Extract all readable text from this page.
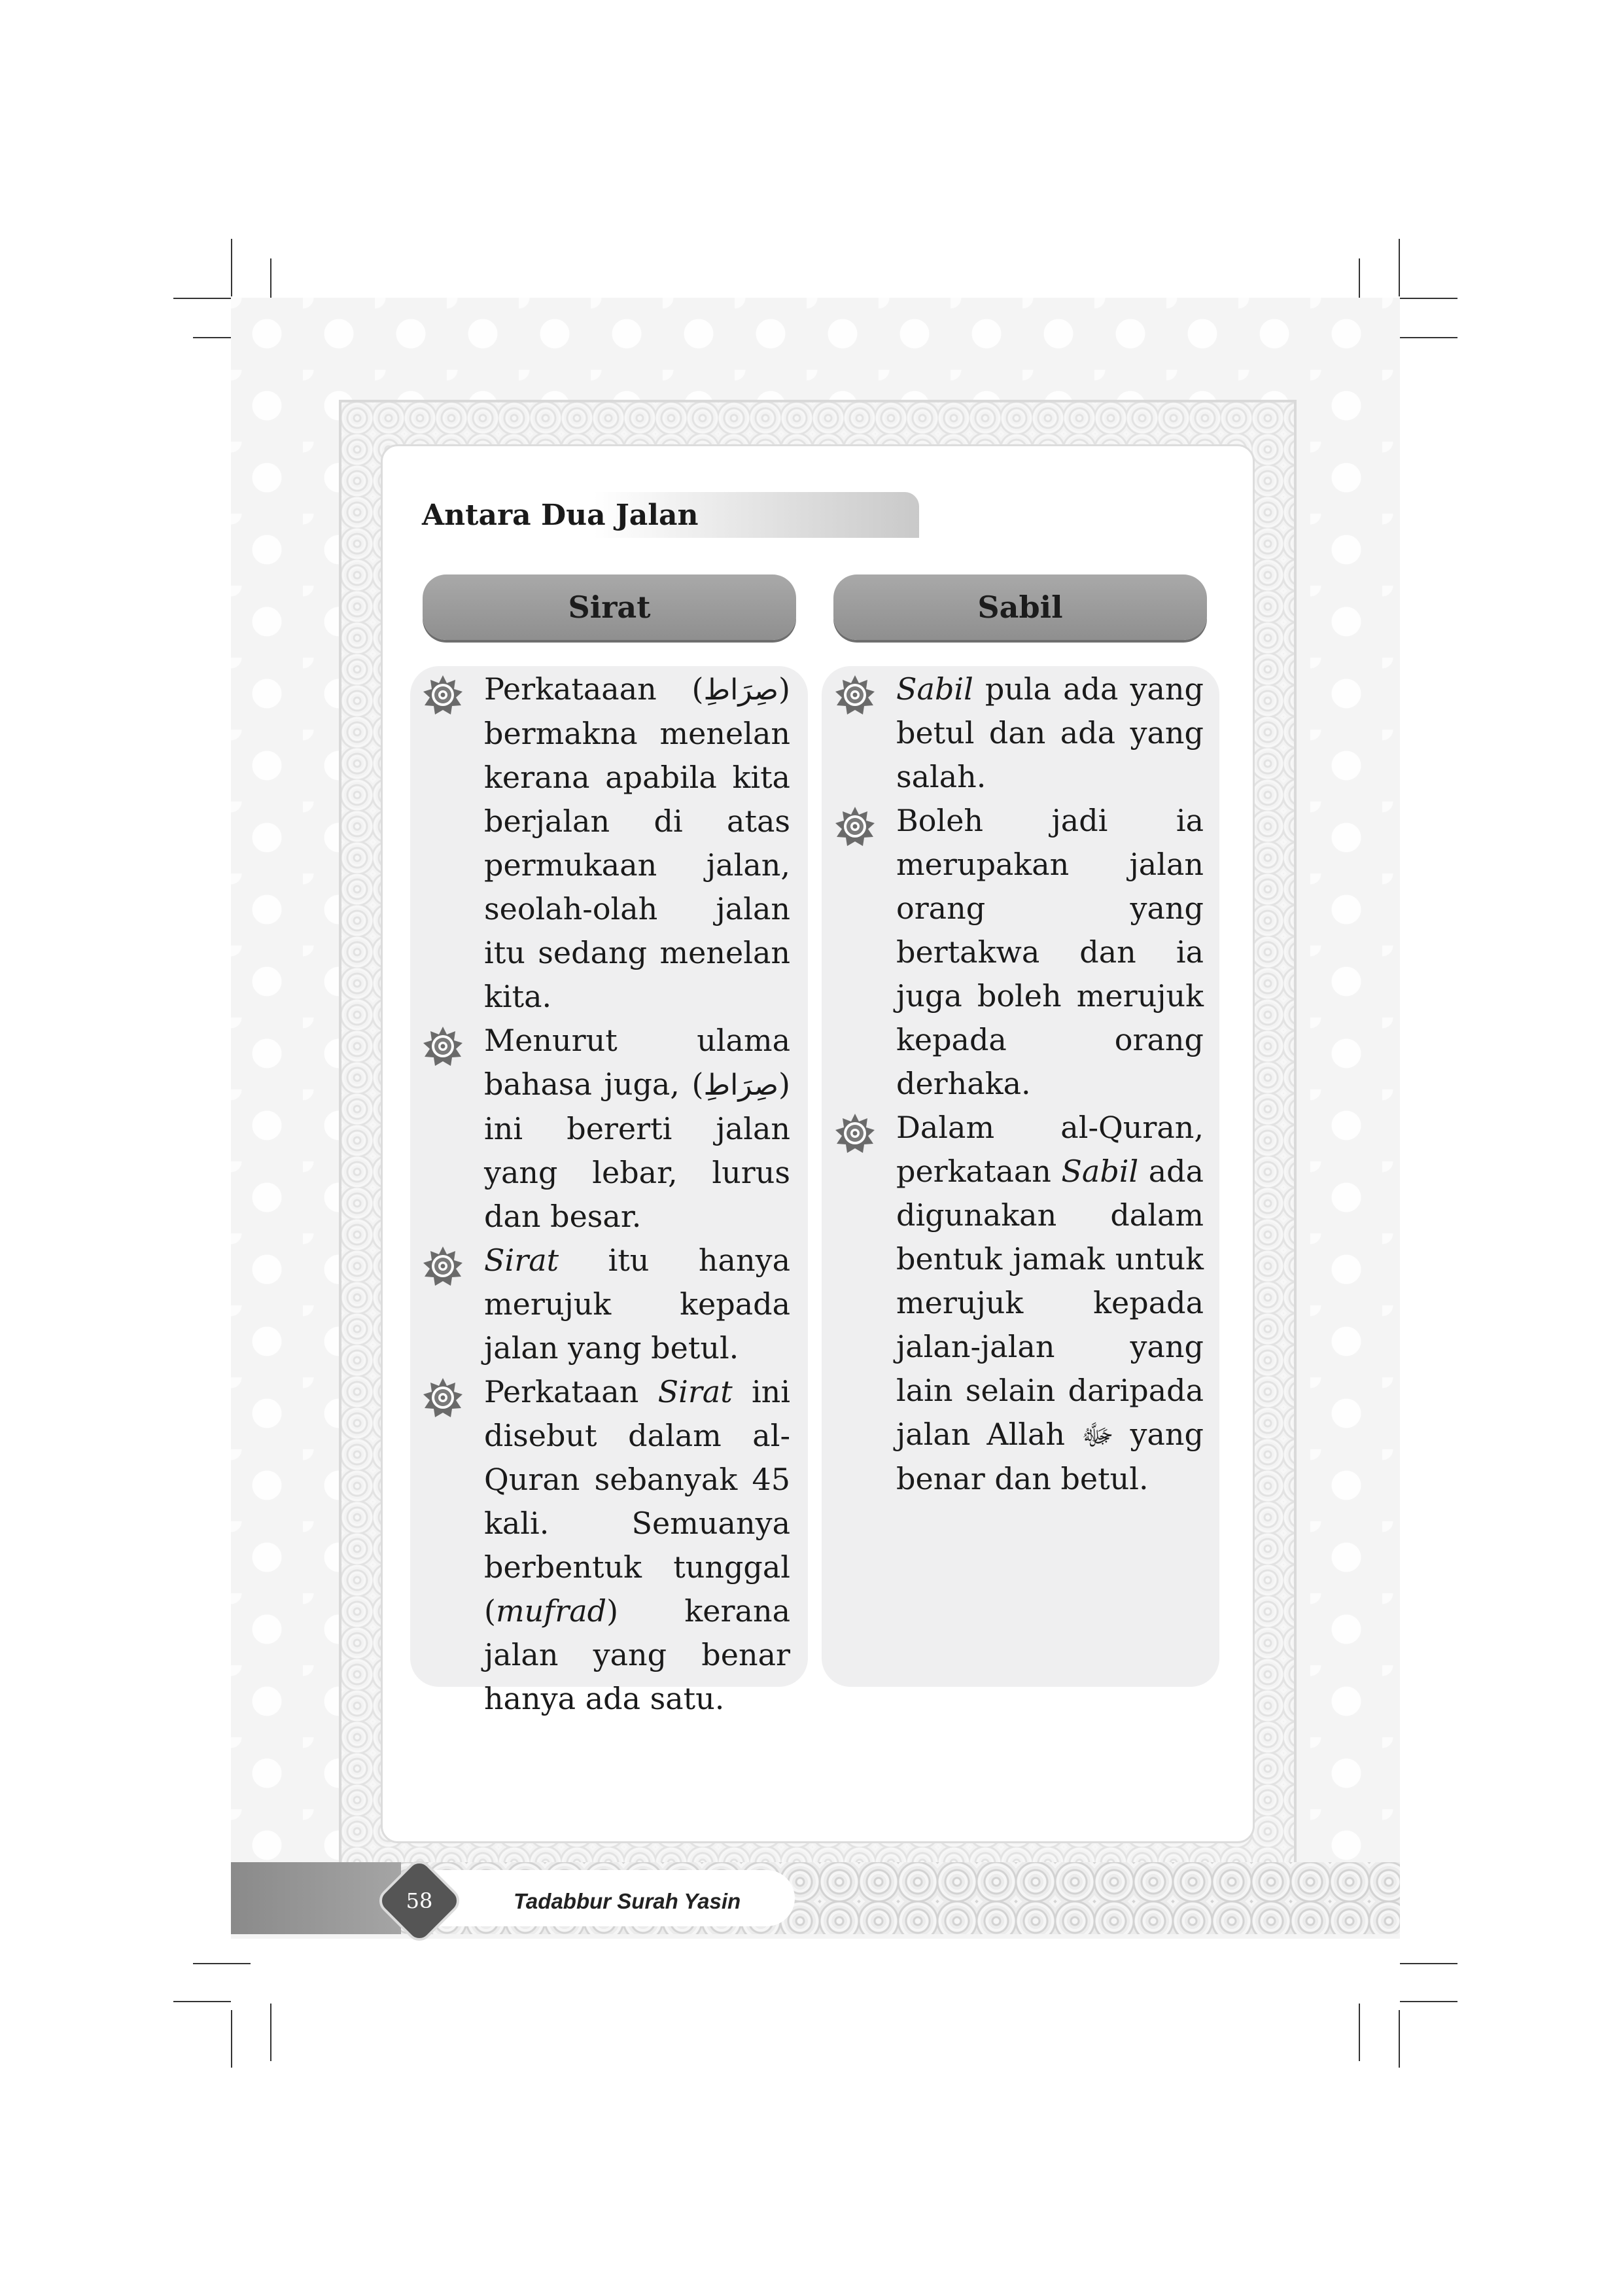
Antara Dua Jalan
Sirat	Sabil
Perkataaan (صِرَاطِ) bermakna menelan kerana apabila kita berjalan di atas permukaan jalan, seolah-olah jalan itu sedang menelan kita.
Menurut ulama bahasa juga, (صِرَاطِ) ini bererti jalan yang lebar, lurus dan besar.
Sirat itu hanya merujuk kepada jalan yang betul.
Perkataan Sirat ini disebut dalam al-Quran sebanyak 45 kali. Semuanya berbentuk tunggal (mufrad) kerana jalan yang benar hanya ada satu.
Sabil pula ada yang betul dan ada yang salah.
Boleh jadi ia merupakan jalan orang yang bertakwa dan ia juga boleh merujuk kepada orang derhaka.
Dalam al-Quran, perkataan Sabil ada digunakan dalam bentuk jamak untuk merujuk kepada jalan-jalan yang lain selain daripada jalan Allah ﷻ yang benar dan betul.
58	Tadabbur Surah Yasin
